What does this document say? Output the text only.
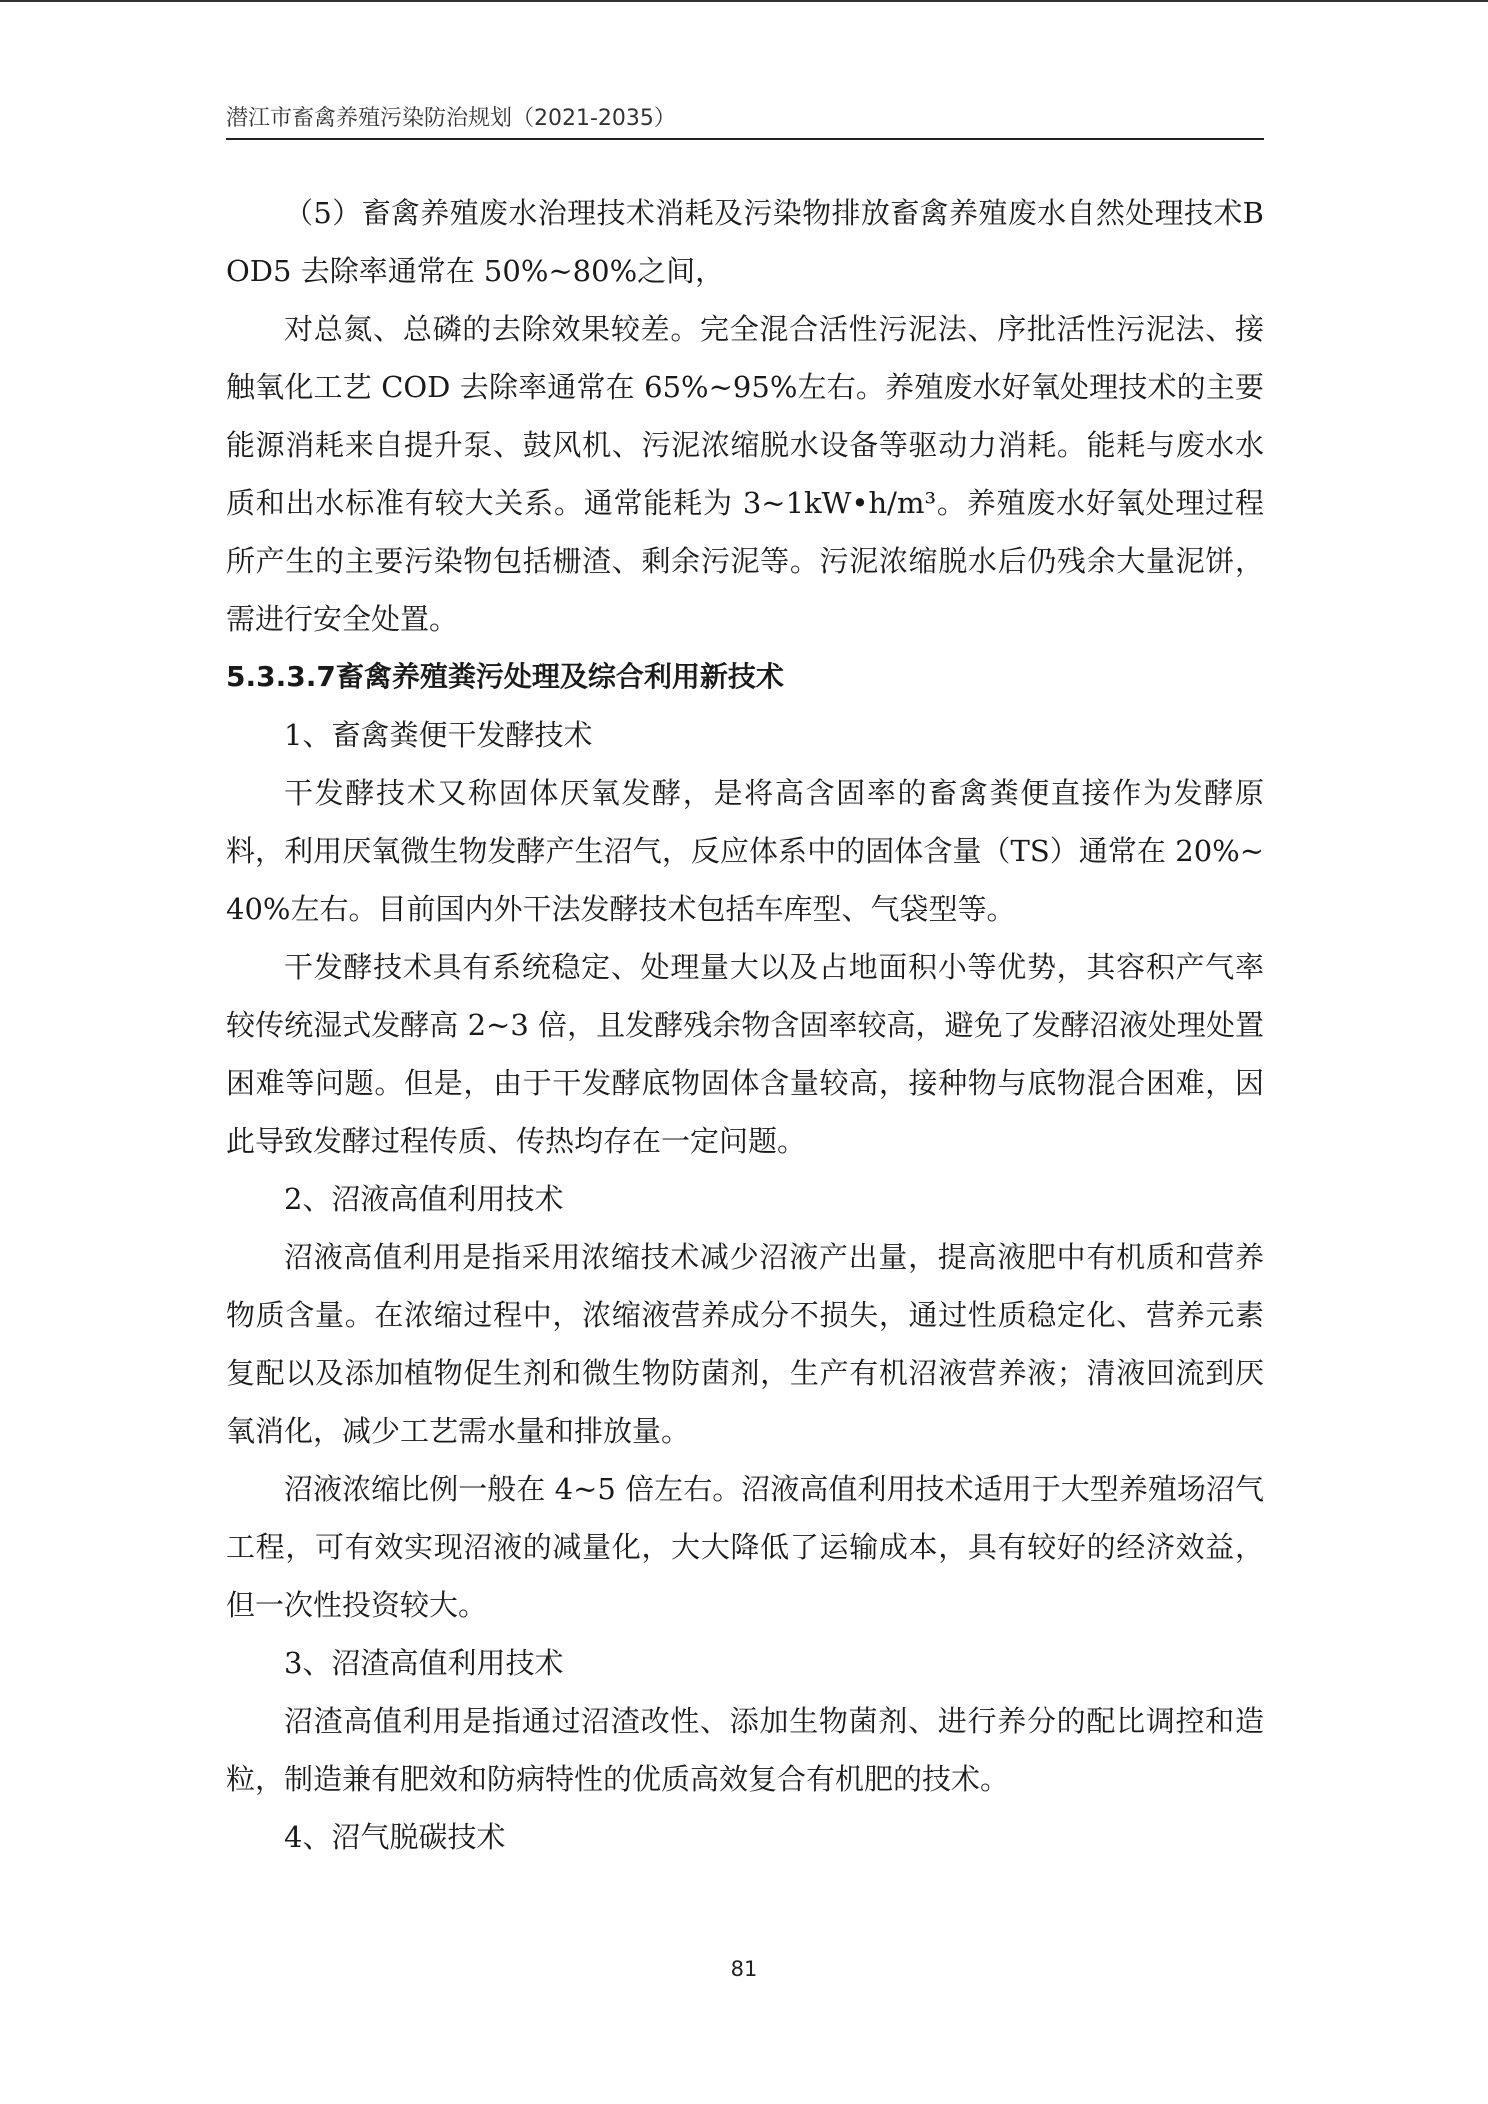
潜江市畜禽养殖污染防治规划（2021-2035）

（5）畜禽养殖废水治理技术消耗及污染物排放畜禽养殖废水自然处理技术BOD5 去除率通常在 50%~80%之间，

对总氮、总磷的去除效果较差。完全混合活性污泥法、序批活性污泥法、接触氧化工艺 COD 去除率通常在 65%~95%左右。养殖废水好氧处理技术的主要能源消耗来自提升泵、鼓风机、污泥浓缩脱水设备等驱动力消耗。能耗与废水水质和出水标准有较大关系。通常能耗为 3~1kW•h/m³。养殖废水好氧处理过程所产生的主要污染物包括栅渣、剩余污泥等。污泥浓缩脱水后仍残余大量泥饼，需进行安全处置。

5.3.3.7畜禽养殖粪污处理及综合利用新技术

1、畜禽粪便干发酵技术

干发酵技术又称固体厌氧发酵，是将高含固率的畜禽粪便直接作为发酵原料，利用厌氧微生物发酵产生沼气，反应体系中的固体含量（TS）通常在 20%~40%左右。目前国内外干法发酵技术包括车库型、气袋型等。

干发酵技术具有系统稳定、处理量大以及占地面积小等优势，其容积产气率较传统湿式发酵高 2~3 倍，且发酵残余物含固率较高，避免了发酵沼液处理处置困难等问题。但是，由于干发酵底物固体含量较高，接种物与底物混合困难，因此导致发酵过程传质、传热均存在一定问题。

2、沼液高值利用技术

沼液高值利用是指采用浓缩技术减少沼液产出量，提高液肥中有机质和营养物质含量。在浓缩过程中，浓缩液营养成分不损失，通过性质稳定化、营养元素复配以及添加植物促生剂和微生物防菌剂，生产有机沼液营养液；清液回流到厌氧消化，减少工艺需水量和排放量。

沼液浓缩比例一般在 4~5 倍左右。沼液高值利用技术适用于大型养殖场沼气工程，可有效实现沼液的减量化，大大降低了运输成本，具有较好的经济效益，但一次性投资较大。

3、沼渣高值利用技术

沼渣高值利用是指通过沼渣改性、添加生物菌剂、进行养分的配比调控和造粒，制造兼有肥效和防病特性的优质高效复合有机肥的技术。

4、沼气脱碳技术

81
